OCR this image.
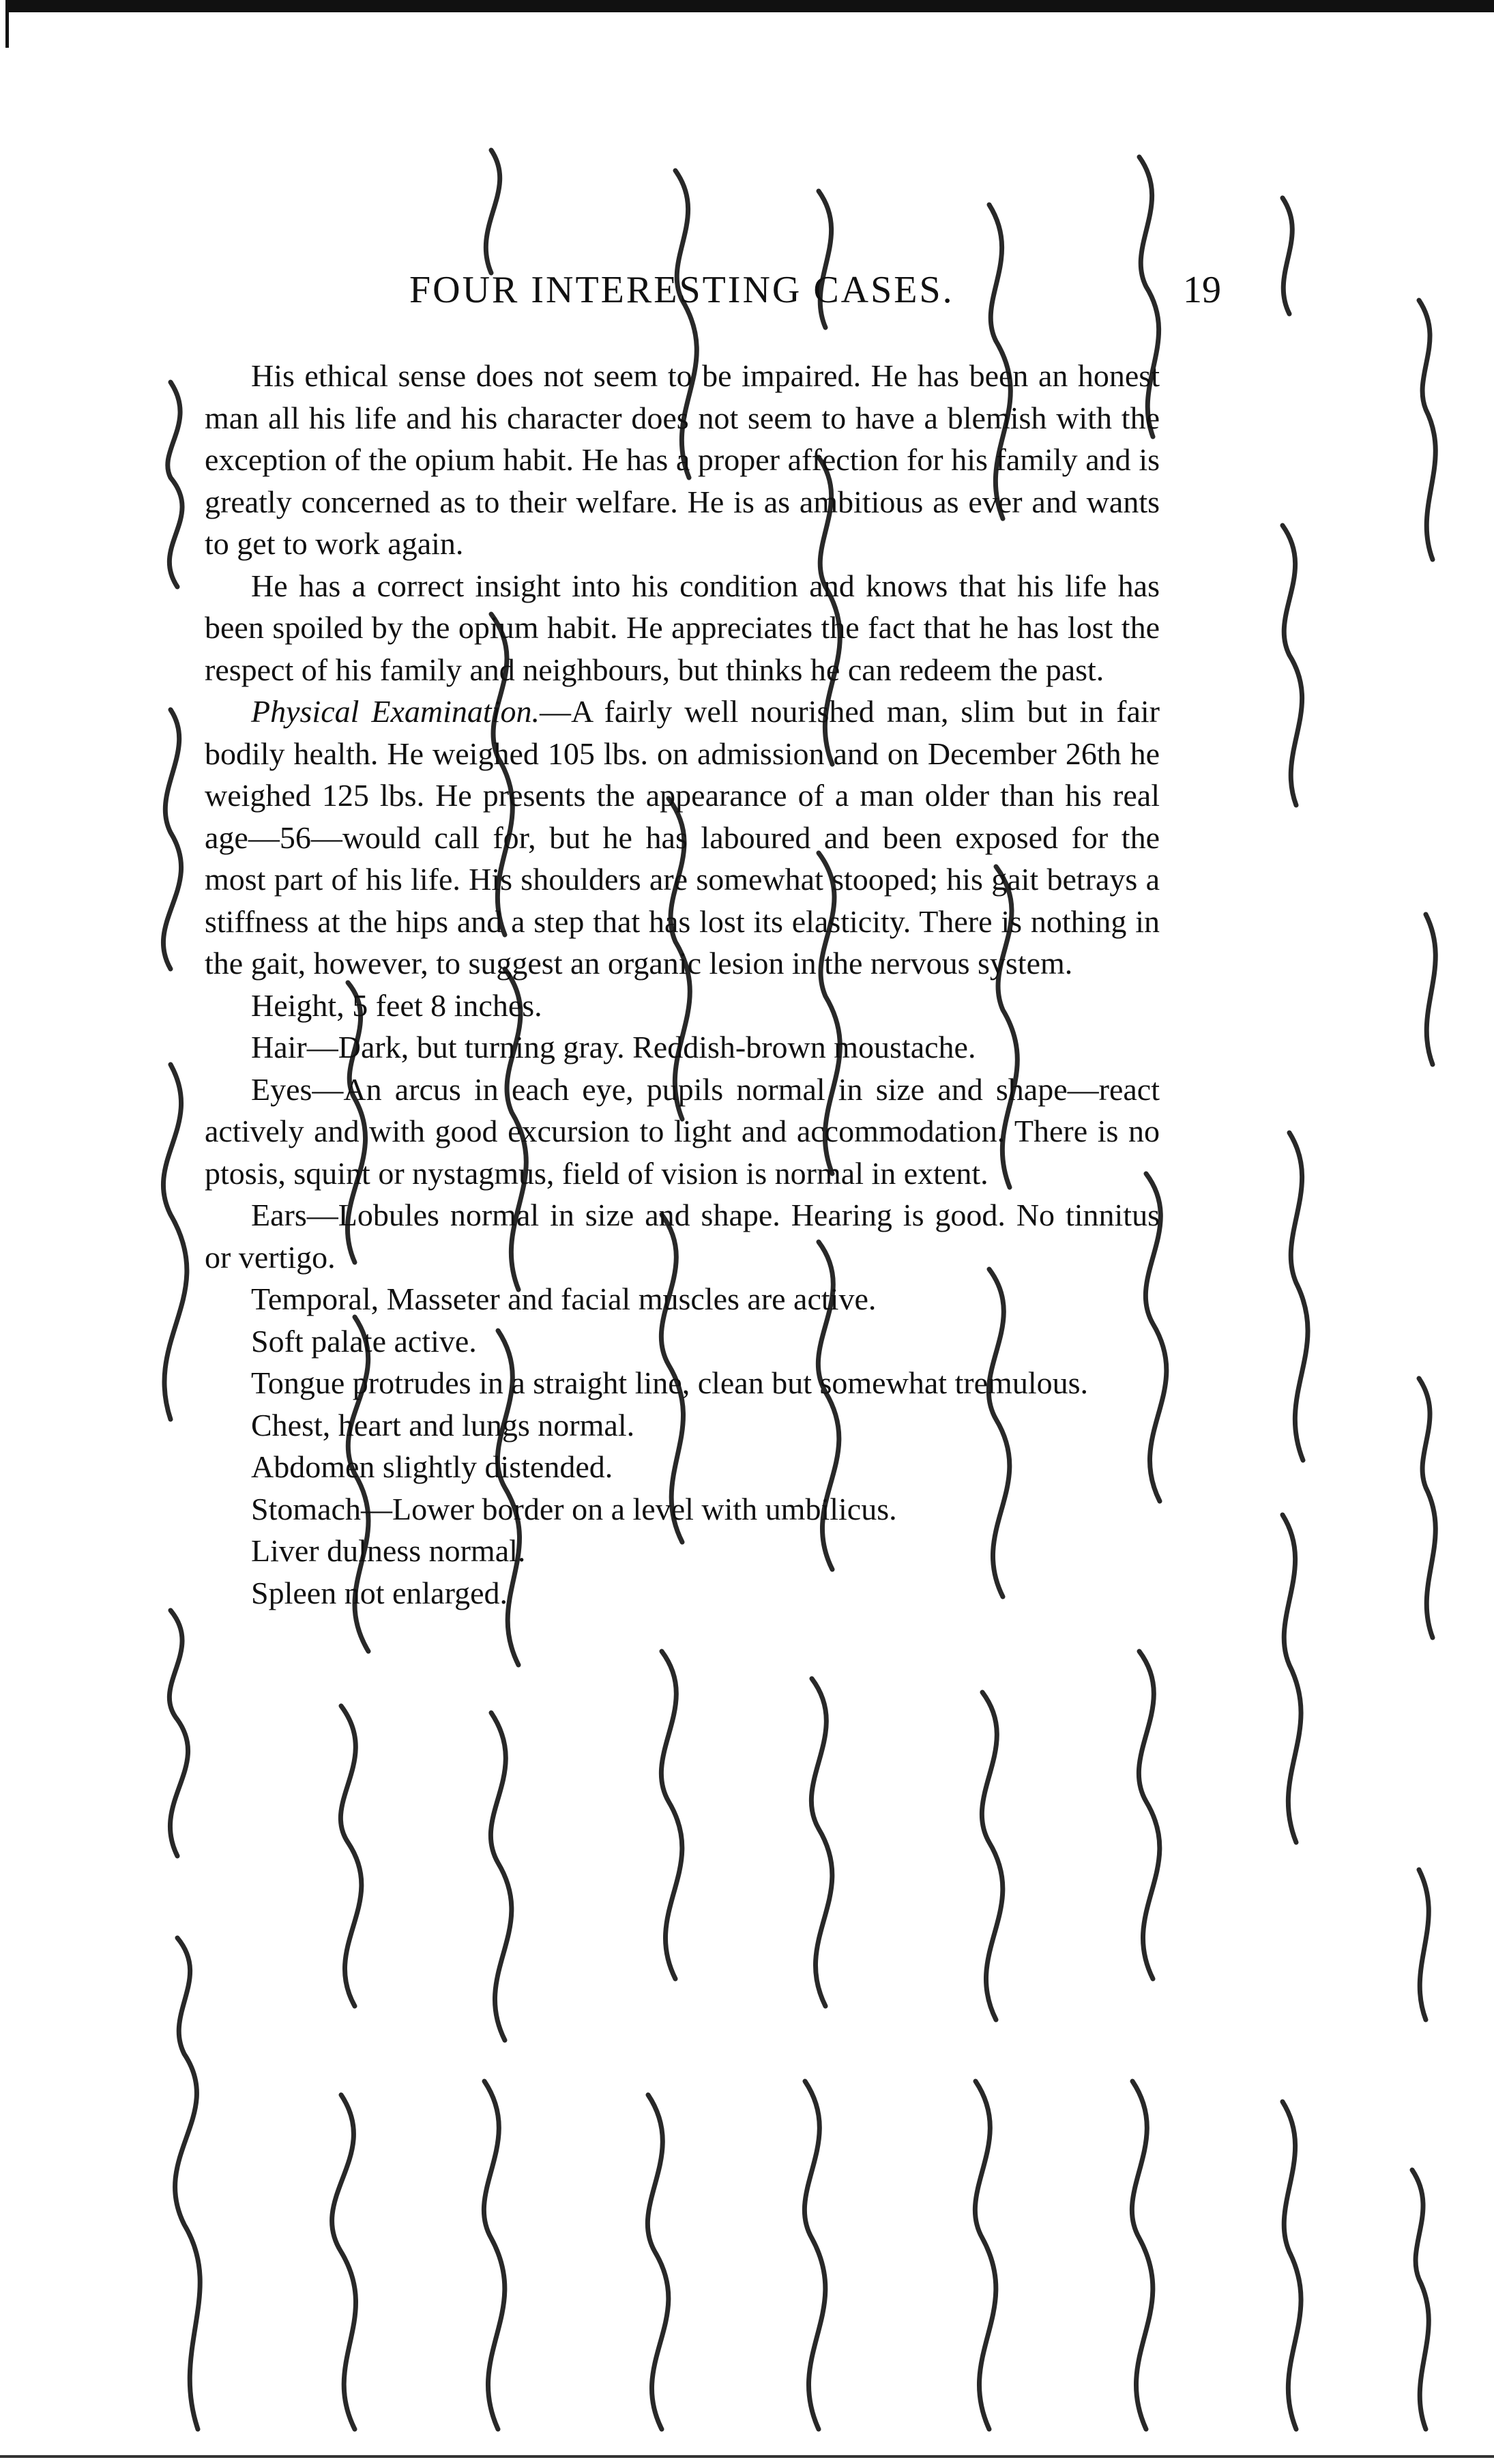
FOUR INTERESTING CASES.	19

His ethical sense does not seem to be impaired. He has been an honest man all his life and his character does not seem to have a blemish with the exception of the opium habit. He has a proper affection for his family and is greatly concerned as to their welfare. He is as ambitious as ever and wants to get to work again.

He has a correct insight into his condition and knows that his life has been spoiled by the opium habit. He appreciates the fact that he has lost the respect of his family and neighbours, but thinks he can redeem the past.

Physical Examination.—A fairly well nourished man, slim but in fair bodily health. He weighed 105 lbs. on admission and on December 26th he weighed 125 lbs. He presents the appearance of a man older than his real age—56—would call for, but he has laboured and been exposed for the most part of his life. His shoulders are somewhat stooped; his gait betrays a stiffness at the hips and a step that has lost its elasticity. There is nothing in the gait, however, to suggest an organic lesion in the nervous system.

Height, 5 feet 8 inches.

Hair—Dark, but turning gray. Reddish-brown moustache.

Eyes—An arcus in each eye, pupils normal in size and shape—react actively and with good excursion to light and accommodation. There is no ptosis, squint or nystagmus, field of vision is normal in extent.

Ears—Lobules normal in size and shape. Hearing is good. No tinnitus or vertigo.

Temporal, Masseter and facial muscles are active.

Soft palate active.

Tongue protrudes in a straight line, clean but somewhat tremulous.

Chest, heart and lungs normal.

Abdomen slightly distended.

Stomach—Lower border on a level with umbilicus.

Liver dulness normal.

Spleen not enlarged.
